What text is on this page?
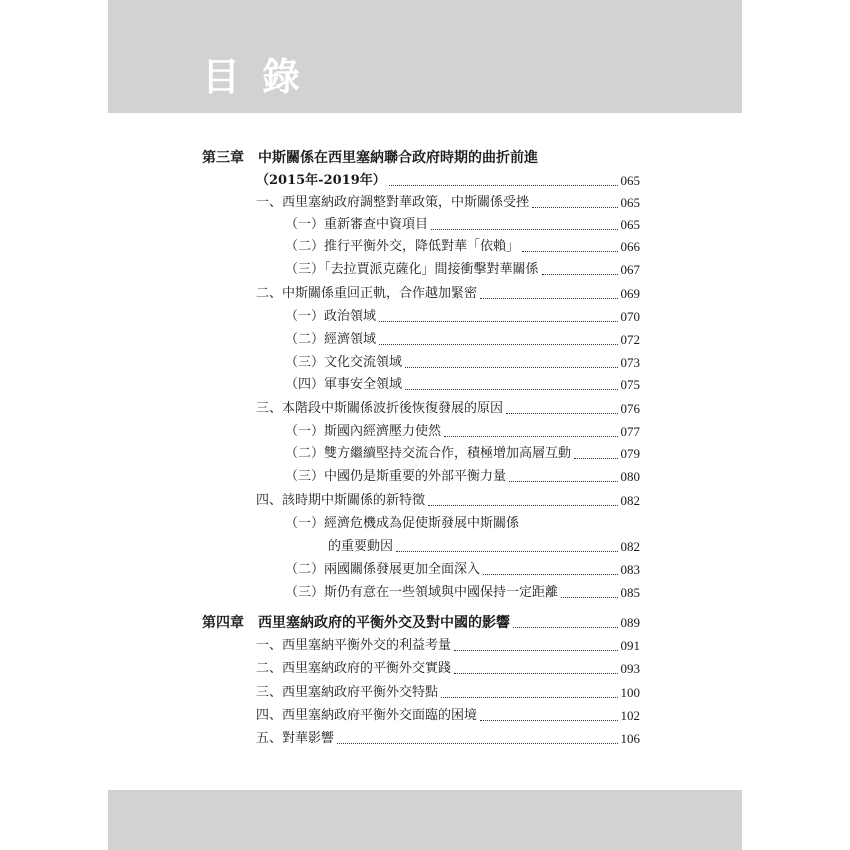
目錄
第三章 中斯關係在西里塞納聯合政府時期的曲折前進
（2015年-2019年）	065
一、西里塞納政府調整對華政策，中斯關係受挫	065
（一）重新審查中資項目	065
（二）推行平衡外交，降低對華「依賴」	066
（三）「去拉賈派克薩化」間接衝擊對華關係	067
二、中斯關係重回正軌，合作越加緊密	069
（一）政治領域	070
（二）經濟領域	072
（三）文化交流領域	073
（四）軍事安全領域	075
三、本階段中斯關係波折後恢復發展的原因	076
（一）斯國內經濟壓力使然	077
（二）雙方繼續堅持交流合作，積極增加高層互動	079
（三）中國仍是斯重要的外部平衡力量	080
四、該時期中斯關係的新特徵	082
（一）經濟危機成為促使斯發展中斯關係
的重要動因	082
（二）兩國關係發展更加全面深入	083
（三）斯仍有意在一些領域與中國保持一定距離	085
第四章 西里塞納政府的平衡外交及對中國的影響	089
一、西里塞納平衡外交的利益考量	091
二、西里塞納政府的平衡外交實踐	093
三、西里塞納政府平衡外交特點	100
四、西里塞納政府平衡外交面臨的困境	102
五、對華影響	106
